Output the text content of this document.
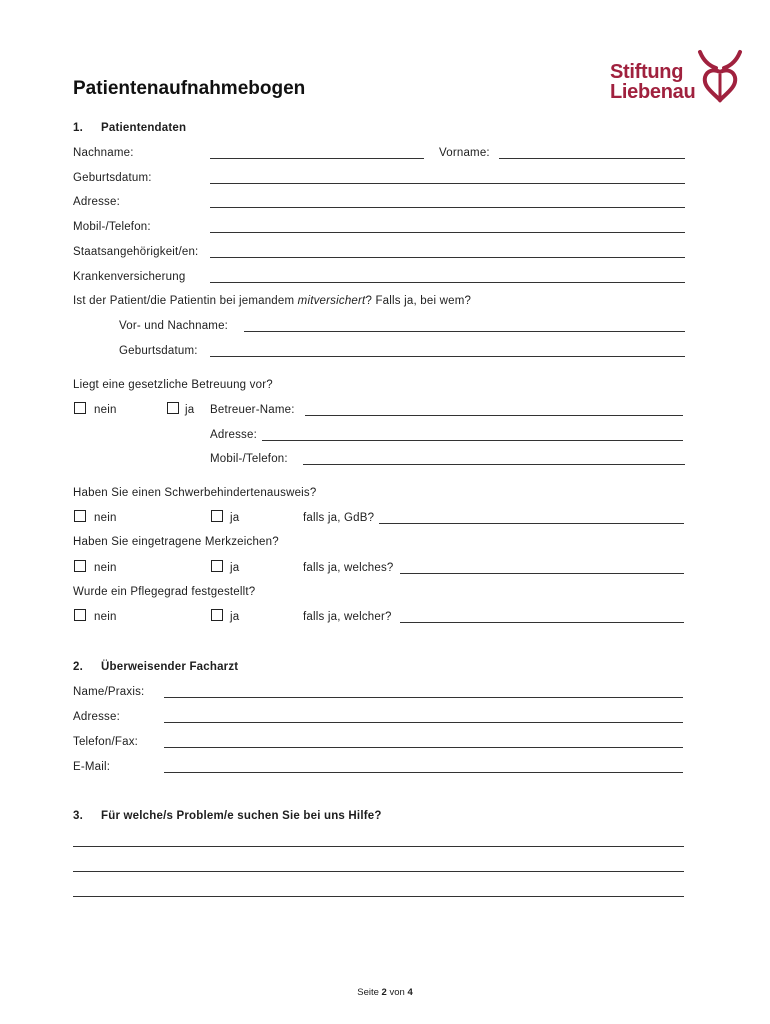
Stiftung
Liebenau
Patientenaufnahmebogen
1. Patientendaten
Nachname:	Vorname:
Geburtsdatum:
Adresse:
Mobil-/Telefon:
Staatsangehörigkeit/en:
Krankenversicherung
Ist der Patient/die Patientin bei jemandem mitversichert? Falls ja, bei wem?
Vor- und Nachname:
Geburtsdatum:
Liegt eine gesetzliche Betreuung vor?
nein	ja Betreuer-Name:
Adresse:
Mobil-/Telefon:
Haben Sie einen Schwerbehindertenausweis?
nein	ja	falls ja, GdB?
Haben Sie eingetragene Merkzeichen?
nein	ja	falls ja, welches?
Wurde ein Pflegegrad festgestellt?
nein	ja	falls ja, welcher?
2. Überweisender Facharzt
Name/Praxis:
Adresse:
Telefon/Fax:
E-Mail:
3. Für welche/s Problem/e suchen Sie bei uns Hilfe?
Seite 2 von 4
